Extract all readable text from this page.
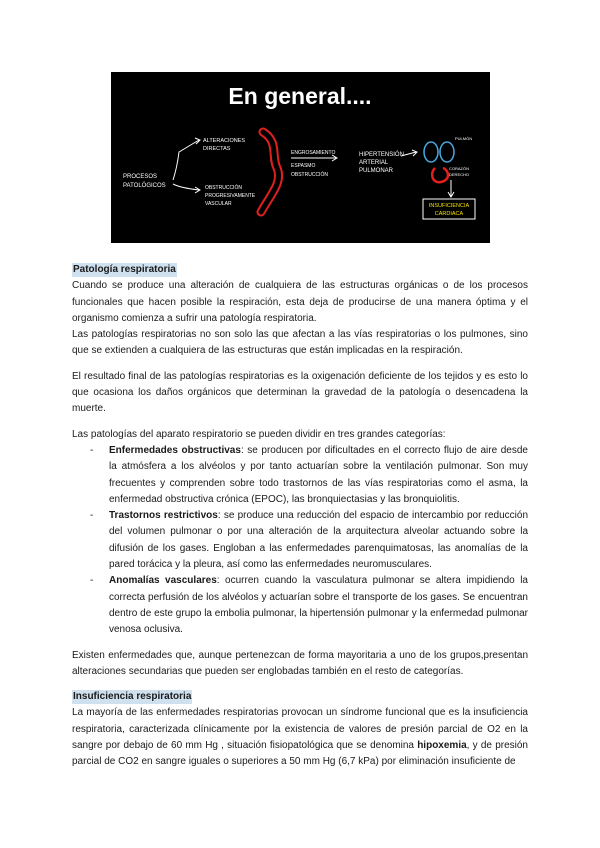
En general....
PROCESOS
PATOLÓGICOS
ALTERACIONES
DIRECTAS
OBSTRUCCIÓN
PROGRESIVAMENTE
VASCULAR
ENGROSAMIENTO
ESPASMO
OBSTRUCCIÓN
HIPERTENSIÓN
ARTERIAL
PULMONAR
PULMÓN
CORAZÓN
DERECHO
INSUFICIENCIA
CARDIACA
Patología respiratoria

Cuando se produce una alteración de cualquiera de las estructuras orgánicas o de los procesos funcionales que hacen posible la respiración, esta deja de producirse de una manera óptima y el organismo comienza a sufrir una patología respiratoria.

Las patologías respiratorias no son solo las que afectan a las vías respiratorias o los pulmones, sino que se extienden a cualquiera de las estructuras que están implicadas en la respiración.

El resultado final de las patologías respiratorias es la oxigenación deficiente de los tejidos y es esto lo que ocasiona los daños orgánicos que determinan la gravedad de la patología o desencadena la muerte.

Las patologías del aparato respiratorio se pueden dividir en tres grandes categorías:

- Enfermedades obstructivas: se producen por dificultades en el correcto flujo de aire desde la atmósfera a los alvéolos y por tanto actuarían sobre la ventilación pulmonar. Son muy frecuentes y comprenden sobre todo trastornos de las vías respiratorias como el asma, la enfermedad obstructiva crónica (EPOC), las bronquiectasias y las bronquiolitis.
- Trastornos restrictivos: se produce una reducción del espacio de intercambio por reducción del volumen pulmonar o por una alteración de la arquitectura alveolar actuando sobre la difusión de los gases. Engloban a las enfermedades parenquimatosas, las anomalías de la pared torácica y la pleura, así como las enfermedades neuromusculares.
- Anomalías vasculares: ocurren cuando la vasculatura pulmonar se altera impidiendo la correcta perfusión de los alvéolos y actuarían sobre el transporte de los gases. Se encuentran dentro de este grupo la embolia pulmonar, la hipertensión pulmonar y la enfermedad pulmonar venosa oclusiva.

Existen enfermedades que, aunque pertenezcan de forma mayoritaria a uno de los grupos,presentan alteraciones secundarias que pueden ser englobadas también en el resto de categorías.

Insuficiencia respiratoria

La mayoría de las enfermedades respiratorias provocan un síndrome funcional que es la insuficiencia respiratoria, caracterizada clínicamente por la existencia de valores de presión parcial de O2 en la sangre por debajo de 60 mm Hg , situación fisiopatológica que se denomina hipoxemia, y de presión parcial de CO2 en sangre iguales o superiores a 50 mm Hg (6,7 kPa) por eliminación insuficiente de
